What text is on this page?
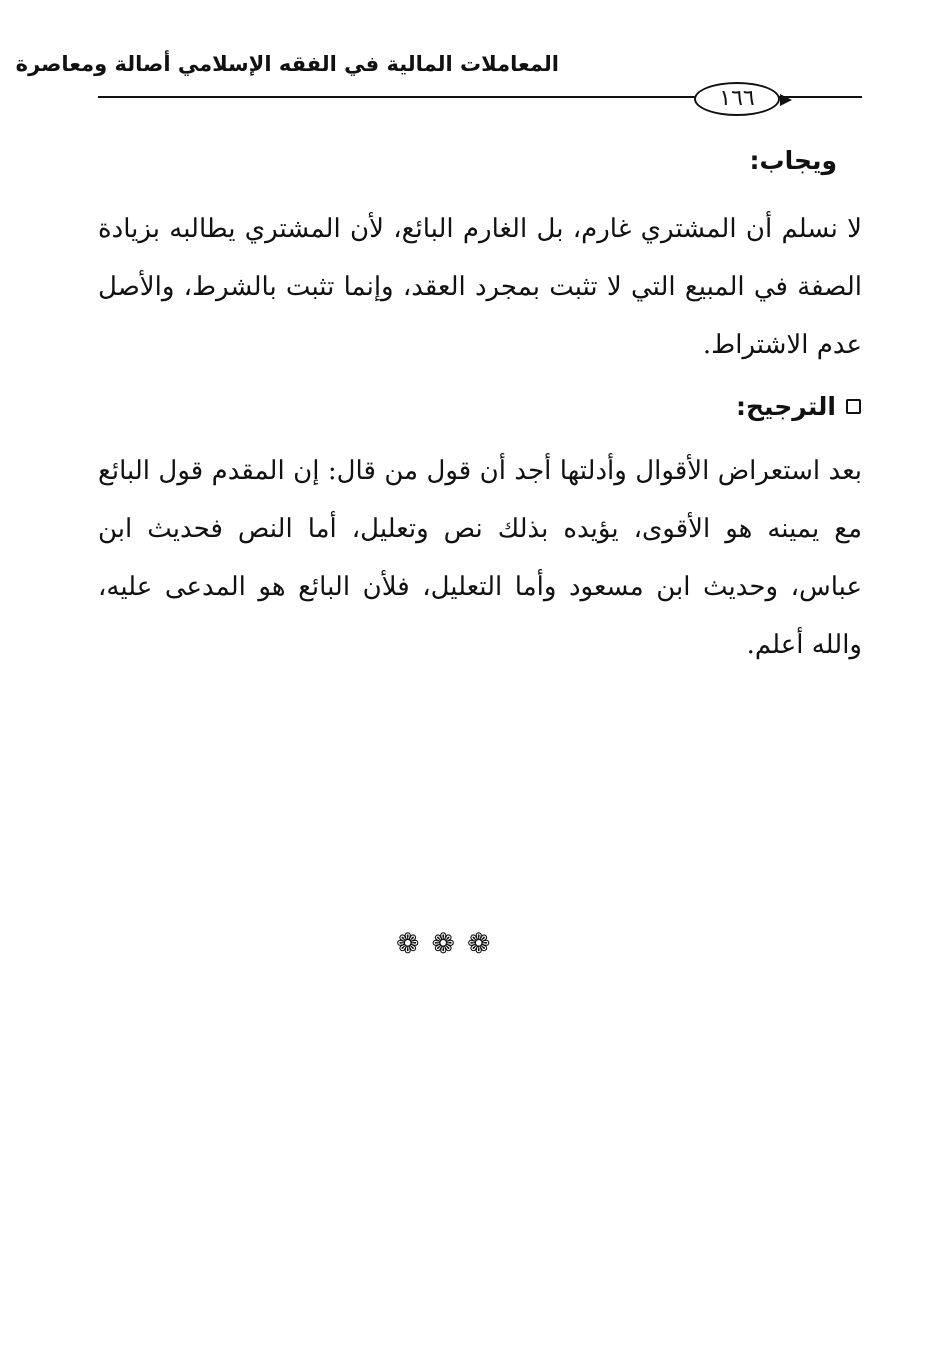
المعاملات المالية في الفقه الإسلامي أصالة ومعاصرة
١٦٦
ويجاب:
لا نسلم أن المشتري غارم، بل الغارم البائع، لأن المشتري يطالبه بزيادة الصفة في المبيع التي لا تثبت بمجرد العقد، وإنما تثبت بالشرط، والأصل عدم الاشتراط.
الترجيح:
بعد استعراض الأقوال وأدلتها أجد أن قول من قال: إن المقدم قول البائع مع يمينه هو الأقوى، يؤيده بذلك نص وتعليل، أما النص فحديث ابن عباس، وحديث ابن مسعود وأما التعليل، فلأن البائع هو المدعى عليه، والله أعلم.
❁ ❁ ❁
